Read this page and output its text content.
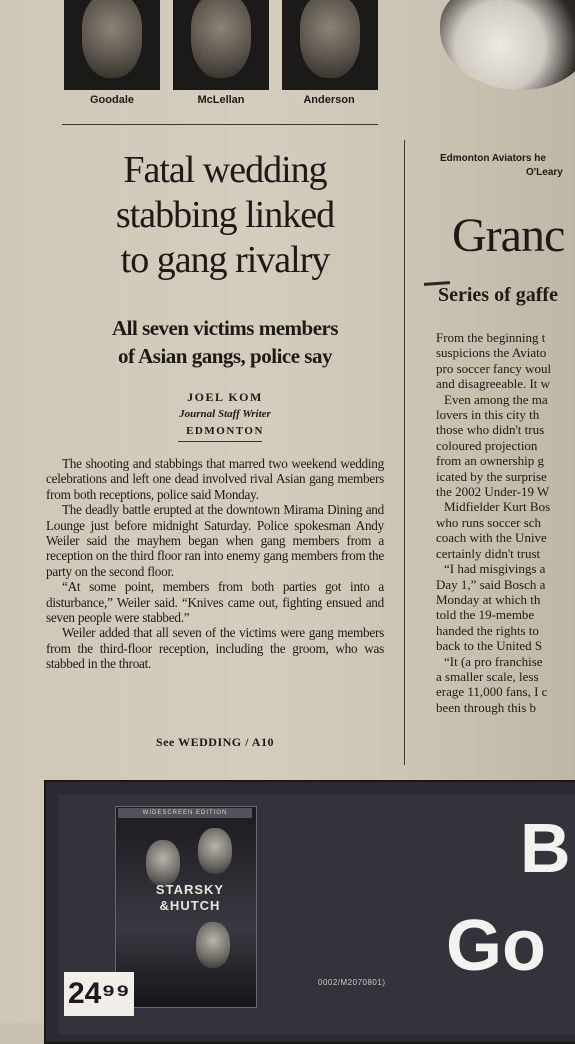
Goodale	McLellan	Anderson
Fatal wedding
stabbing linked
to gang rivalry
All seven victims members
of Asian gangs, police say
JOEL KOM
Journal Staff Writer
EDMONTON

The shooting and stabbings that marred two weekend wedding celebrations and left one dead involved rival Asian gang members from both receptions, police said Monday.

The deadly battle erupted at the downtown Mirama Dining and Lounge just before midnight Saturday. Police spokesman Andy Weiler said the mayhem began when gang members from a reception on the third floor ran into enemy gang members from the party on the second floor.

“At some point, members from both parties got into a disturbance,” Weiler said. “Knives came out, fighting ensued and seven people were stabbed.”

Weiler added that all seven of the victims were gang members from the third-floor reception, including the groom, who was stabbed in the throat.

See WEDDING / A10
Edmonton Aviators he
O'Leary
Granc
Series of gaffe
From the beginning t
suspicions the Aviato
pro soccer fancy woul
and disagreeable. It w
Even among the ma
lovers in this city th
those who didn't trus
coloured projection
from an ownership g
icated by the surprise
the 2002 Under-19 W
Midfielder Kurt Bos
who runs soccer sch
coach with the Unive
certainly didn't trust
“I had misgivings a
Day 1,” said Bosch a
Monday at which th
told the 19-membe
handed the rights to
back to the United S
“It (a pro franchise
a smaller scale, less
erage 11,000 fans, I c
been through this b
WIDESCREEN EDITION
STARSKY
&HUTCH
24⁹⁹	0002/M2070801)
B
Go
